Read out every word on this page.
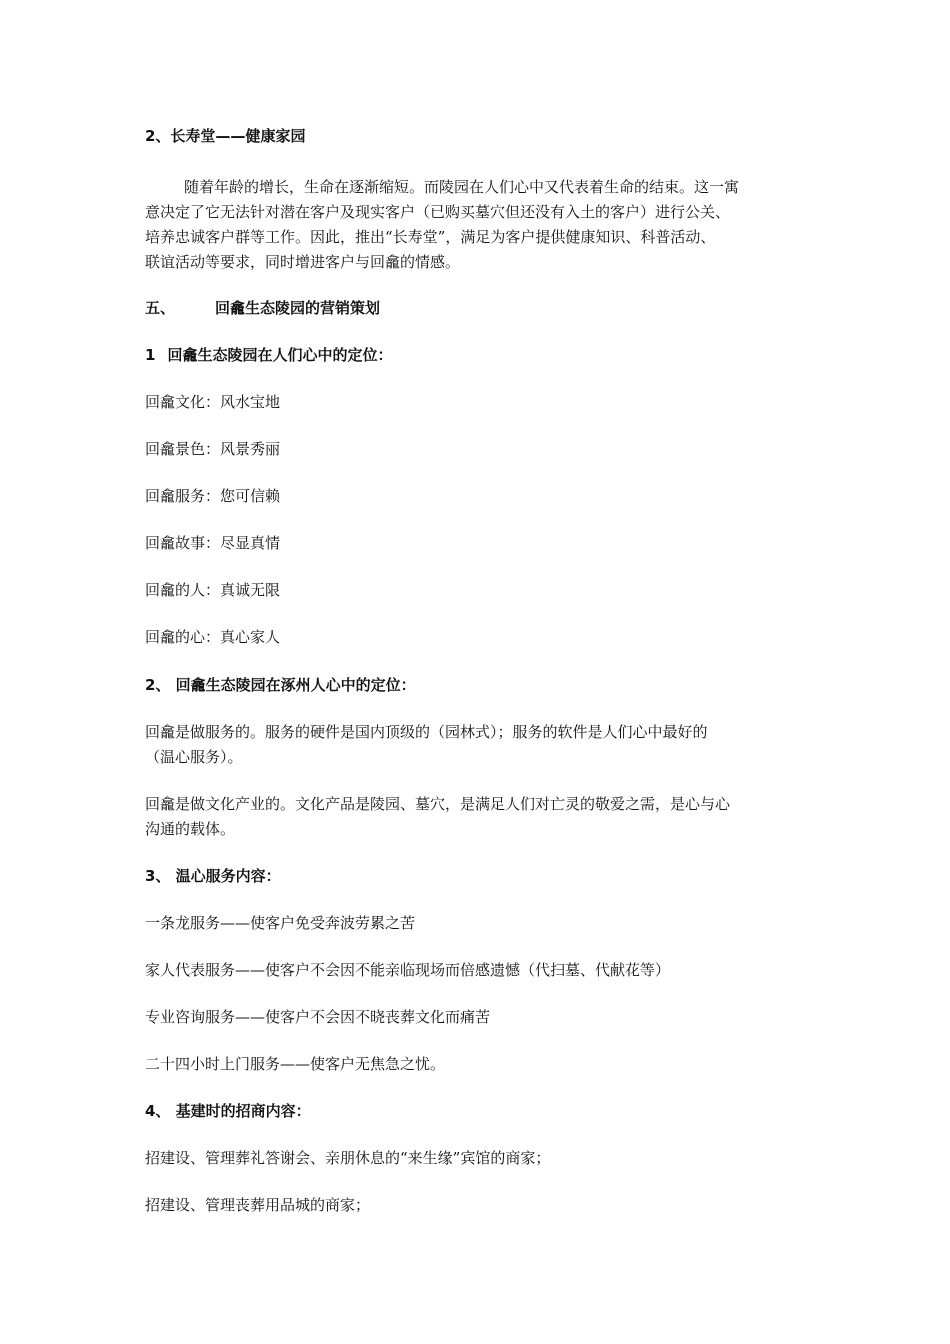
2、长寿堂——健康家园
随着年龄的增长，生命在逐渐缩短。而陵园在人们心中又代表着生命的结束。这一寓
意决定了它无法针对潜在客户及现实客户（已购买墓穴但还没有入土的客户）进行公关、
培养忠诚客户群等工作。因此，推出“长寿堂”，满足为客户提供健康知识、科普活动、
联谊活动等要求，同时增进客户与回龕的情感。
五、	回龕生态陵园的营销策划
1 回龕生态陵园在人们心中的定位：
回龕文化：风水宝地
回龕景色：风景秀丽
回龕服务：您可信赖
回龕故事：尽显真情
回龕的人：真诚无限
回龕的心：真心家人
2、 回龕生态陵园在涿州人心中的定位：
回龕是做服务的。服务的硬件是国内顶级的（园林式）；服务的软件是人们心中最好的
（温心服务）。
回龕是做文化产业的。文化产品是陵园、墓穴，是满足人们对亡灵的敬爱之需，是心与心
沟通的载体。
3、 温心服务内容：
一条龙服务——使客户免受奔波劳累之苦
家人代表服务——使客户不会因不能亲临现场而倍感遗憾（代扫墓、代献花等）
专业咨询服务——使客户不会因不晓丧葬文化而痛苦
二十四小时上门服务——使客户无焦急之忧。
4、 基建时的招商内容：
招建设、管理葬礼答谢会、亲朋休息的“来生缘”宾馆的商家；
招建设、管理丧葬用品城的商家；
